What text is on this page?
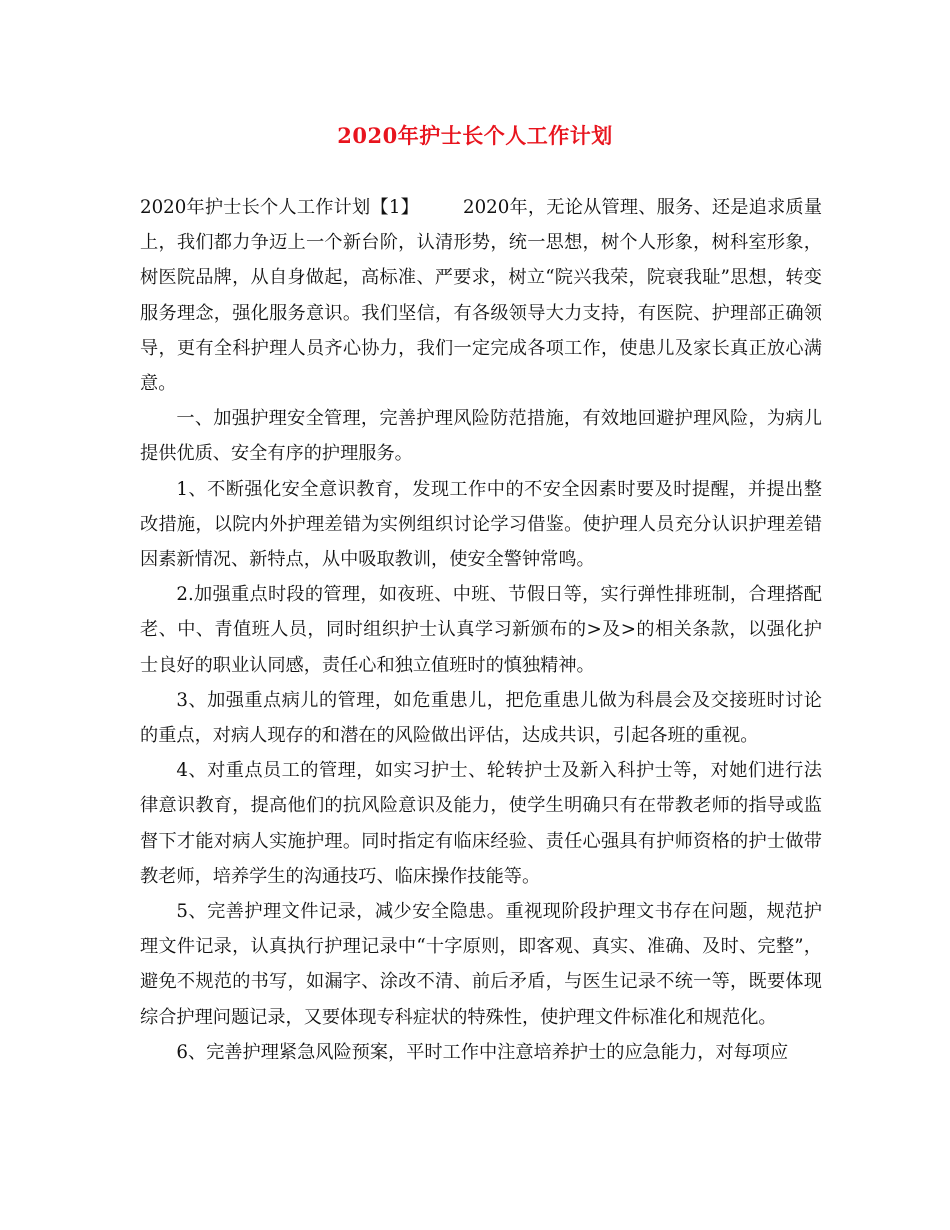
2020年护士长个人工作计划

2020年护士长个人工作计划【1】 2020年，无论从管理、服务、还是追求质量上，我们都力争迈上一个新台阶，认清形势，统一思想，树个人形象，树科室形象，树医院品牌，从自身做起，高标准、严要求，树立“院兴我荣，院衰我耻”思想，转变服务理念，强化服务意识。我们坚信，有各级领导大力支持，有医院、护理部正确领导，更有全科护理人员齐心协力，我们一定完成各项工作，使患儿及家长真正放心满意。

一、加强护理安全管理，完善护理风险防范措施，有效地回避护理风险，为病儿提供优质、安全有序的护理服务。

1、不断强化安全意识教育，发现工作中的不安全因素时要及时提醒，并提出整改措施，以院内外护理差错为实例组织讨论学习借鉴。使护理人员充分认识护理差错因素新情况、新特点，从中吸取教训，使安全警钟常鸣。

2.加强重点时段的管理，如夜班、中班、节假日等，实行弹性排班制，合理搭配老、中、青值班人员，同时组织护士认真学习新颁布的>及>的相关条款，以强化护士良好的职业认同感，责任心和独立值班时的慎独精神。

3、加强重点病儿的管理，如危重患儿，把危重患儿做为科晨会及交接班时讨论的重点，对病人现存的和潜在的风险做出评估，达成共识，引起各班的重视。

4、对重点员工的管理，如实习护士、轮转护士及新入科护士等，对她们进行法律意识教育，提高他们的抗风险意识及能力，使学生明确只有在带教老师的指导或监督下才能对病人实施护理。同时指定有临床经验、责任心强具有护师资格的护士做带教老师，培养学生的沟通技巧、临床操作技能等。

5、完善护理文件记录，减少安全隐患。重视现阶段护理文书存在问题，规范护理文件记录，认真执行护理记录中“十字原则，即客观、真实、准确、及时、完整”，避免不规范的书写，如漏字、涂改不清、前后矛盾，与医生记录不统一等，既要体现综合护理问题记录，又要体现专科症状的特殊性，使护理文件标准化和规范化。

6、完善护理紧急风险预案，平时工作中注意培养护士的应急能力，对每项应
